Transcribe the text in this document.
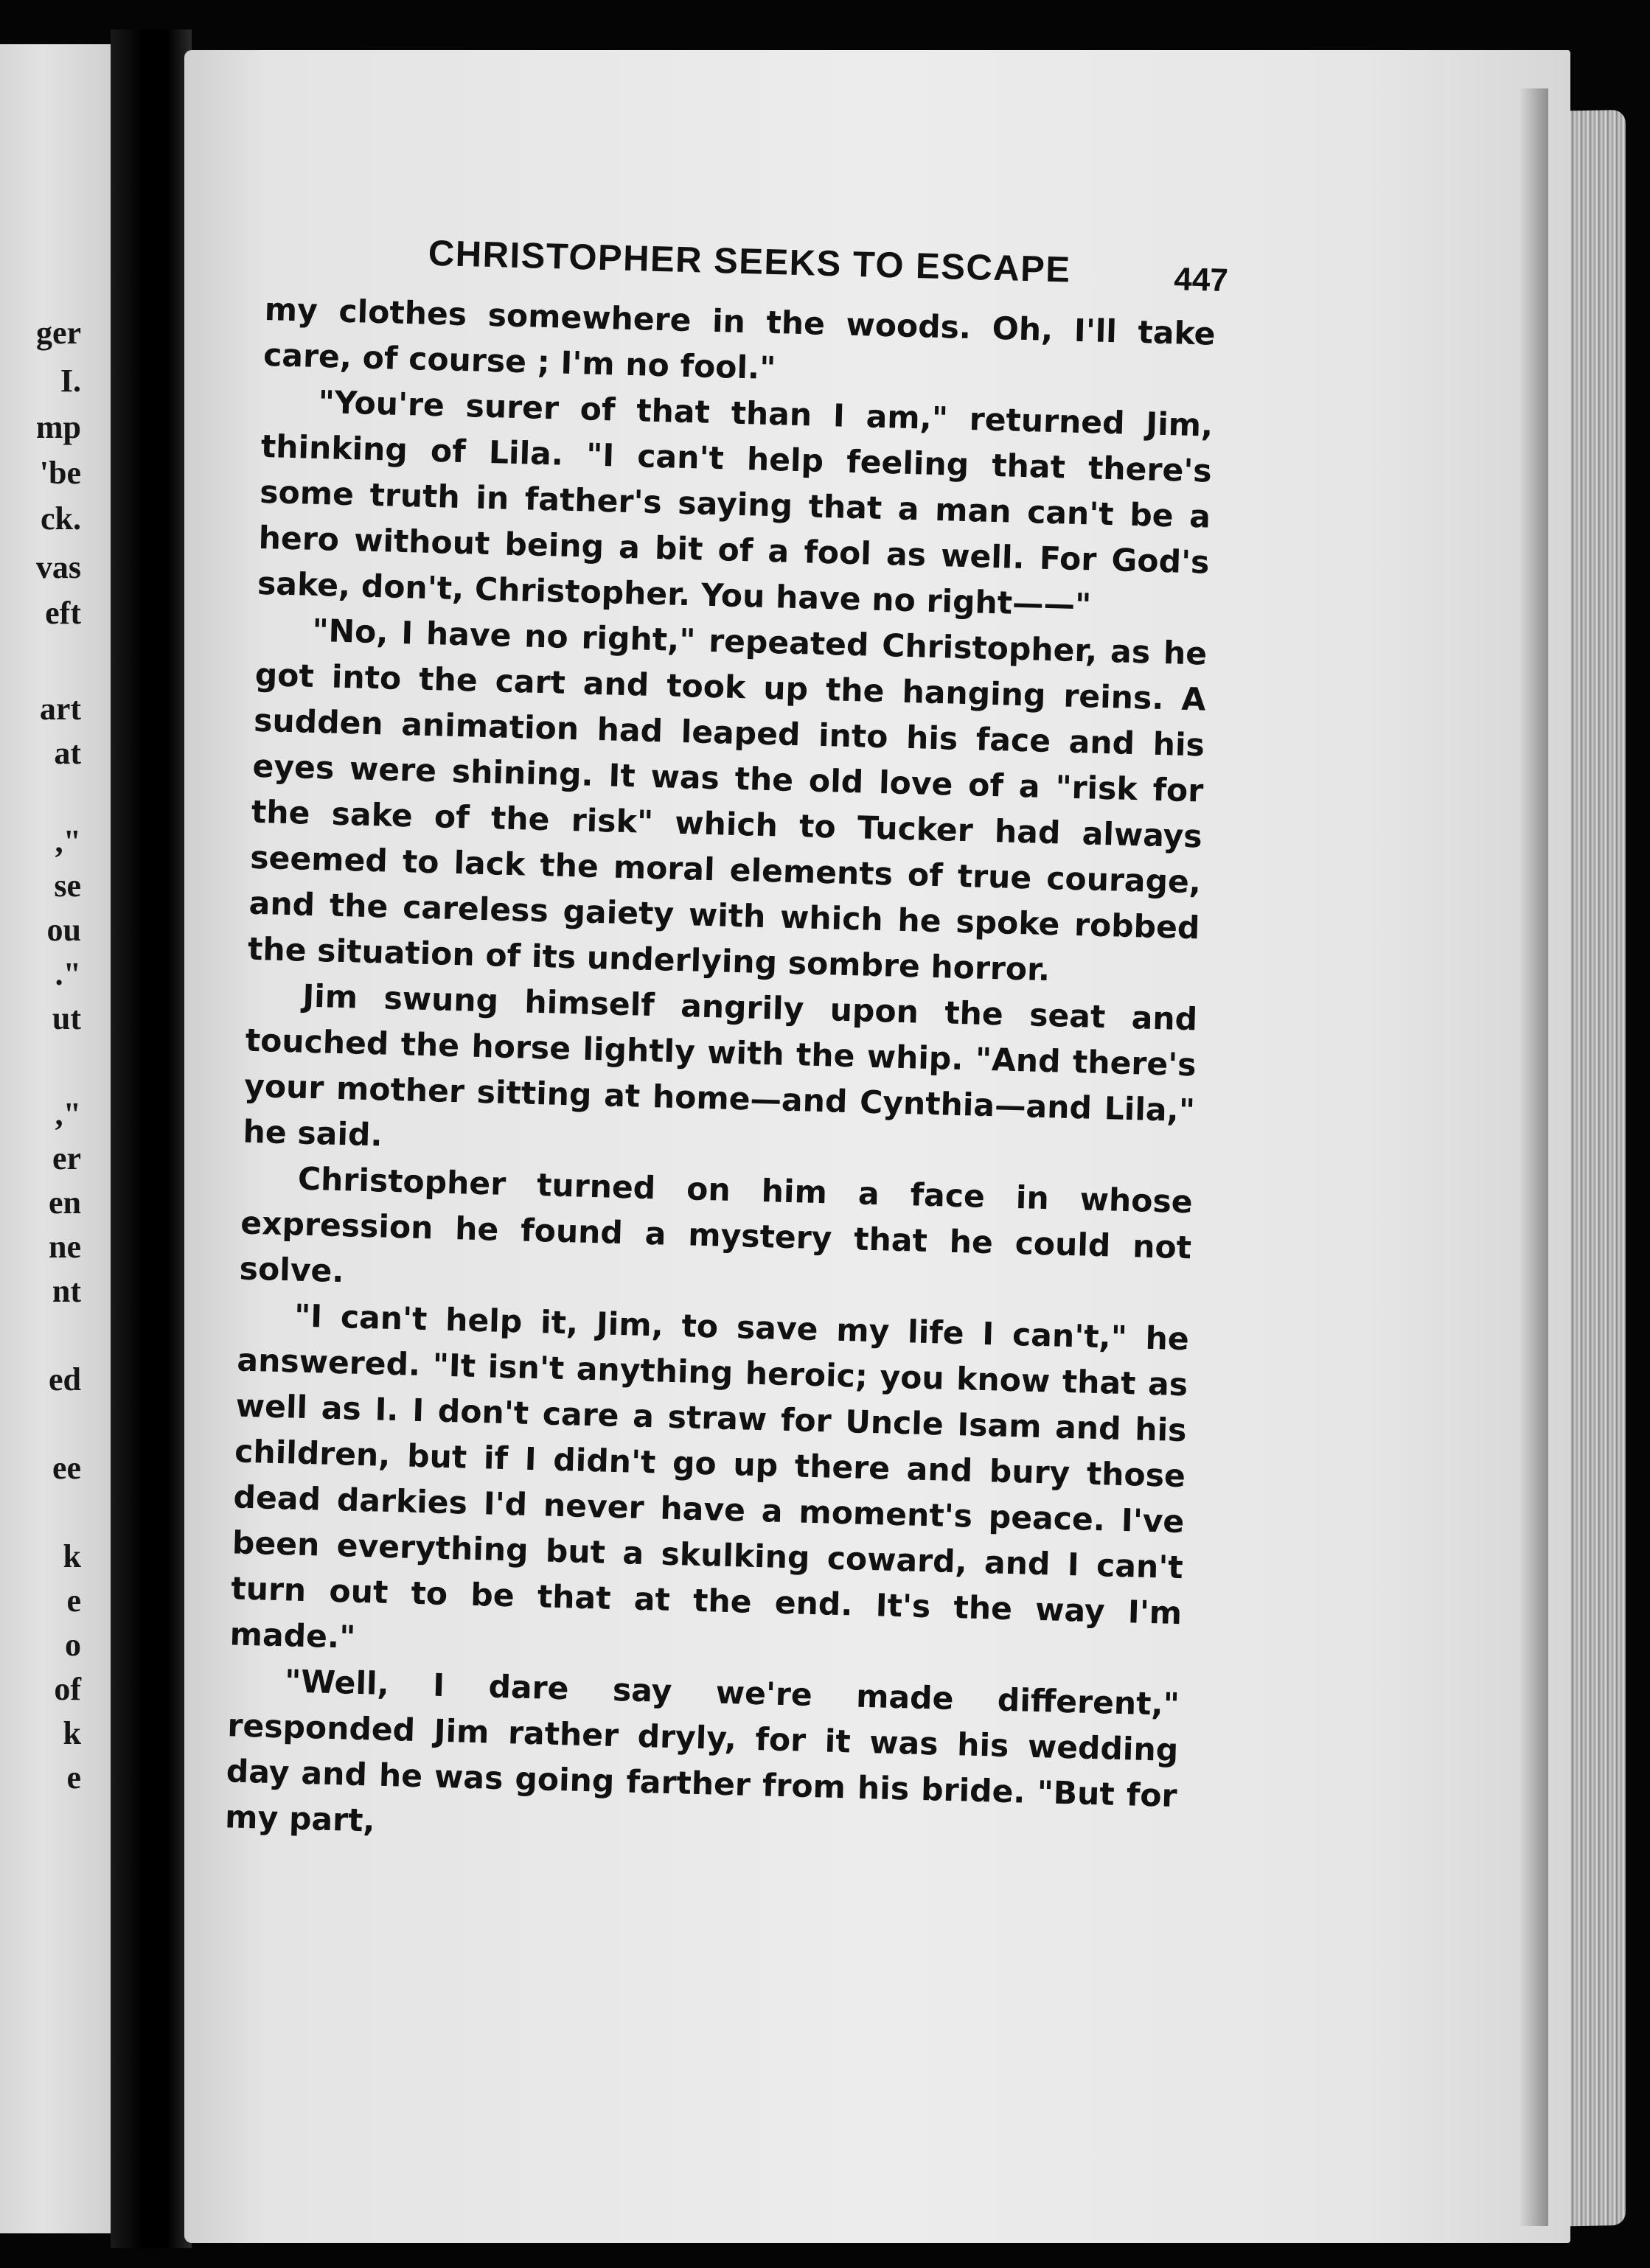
ger
I.
mp
'be
ck.
vas
eft
art
at
,"
se
ou
."
ut
,"
er
en
ne
nt
ed
ee
k
e
o
of
k
e
CHRISTOPHER SEEKS TO ESCAPE	447

my clothes somewhere in the woods. Oh, I'll take care, of course ; I'm no fool."

"You're surer of that than I am," returned Jim, thinking of Lila. "I can't help feeling that there's some truth in father's saying that a man can't be a hero without being a bit of a fool as well. For God's sake, don't, Christopher. You have no right——"

"No, I have no right," repeated Christopher, as he got into the cart and took up the hanging reins. A sudden animation had leaped into his face and his eyes were shining. It was the old love of a "risk for the sake of the risk" which to Tucker had always seemed to lack the moral elements of true courage, and the careless gaiety with which he spoke robbed the situation of its underlying sombre horror.

Jim swung himself angrily upon the seat and touched the horse lightly with the whip. "And there's your mother sitting at home—and Cynthia—and Lila," he said.

Christopher turned on him a face in whose expression he found a mystery that he could not solve.

"I can't help it, Jim, to save my life I can't," he answered. "It isn't anything heroic; you know that as well as I. I don't care a straw for Uncle Isam and his children, but if I didn't go up there and bury those dead darkies I'd never have a moment's peace. I've been everything but a skulking coward, and I can't turn out to be that at the end. It's the way I'm made."

"Well, I dare say we're made different," responded Jim rather dryly, for it was his wedding day and he was going farther from his bride. "But for my part,
